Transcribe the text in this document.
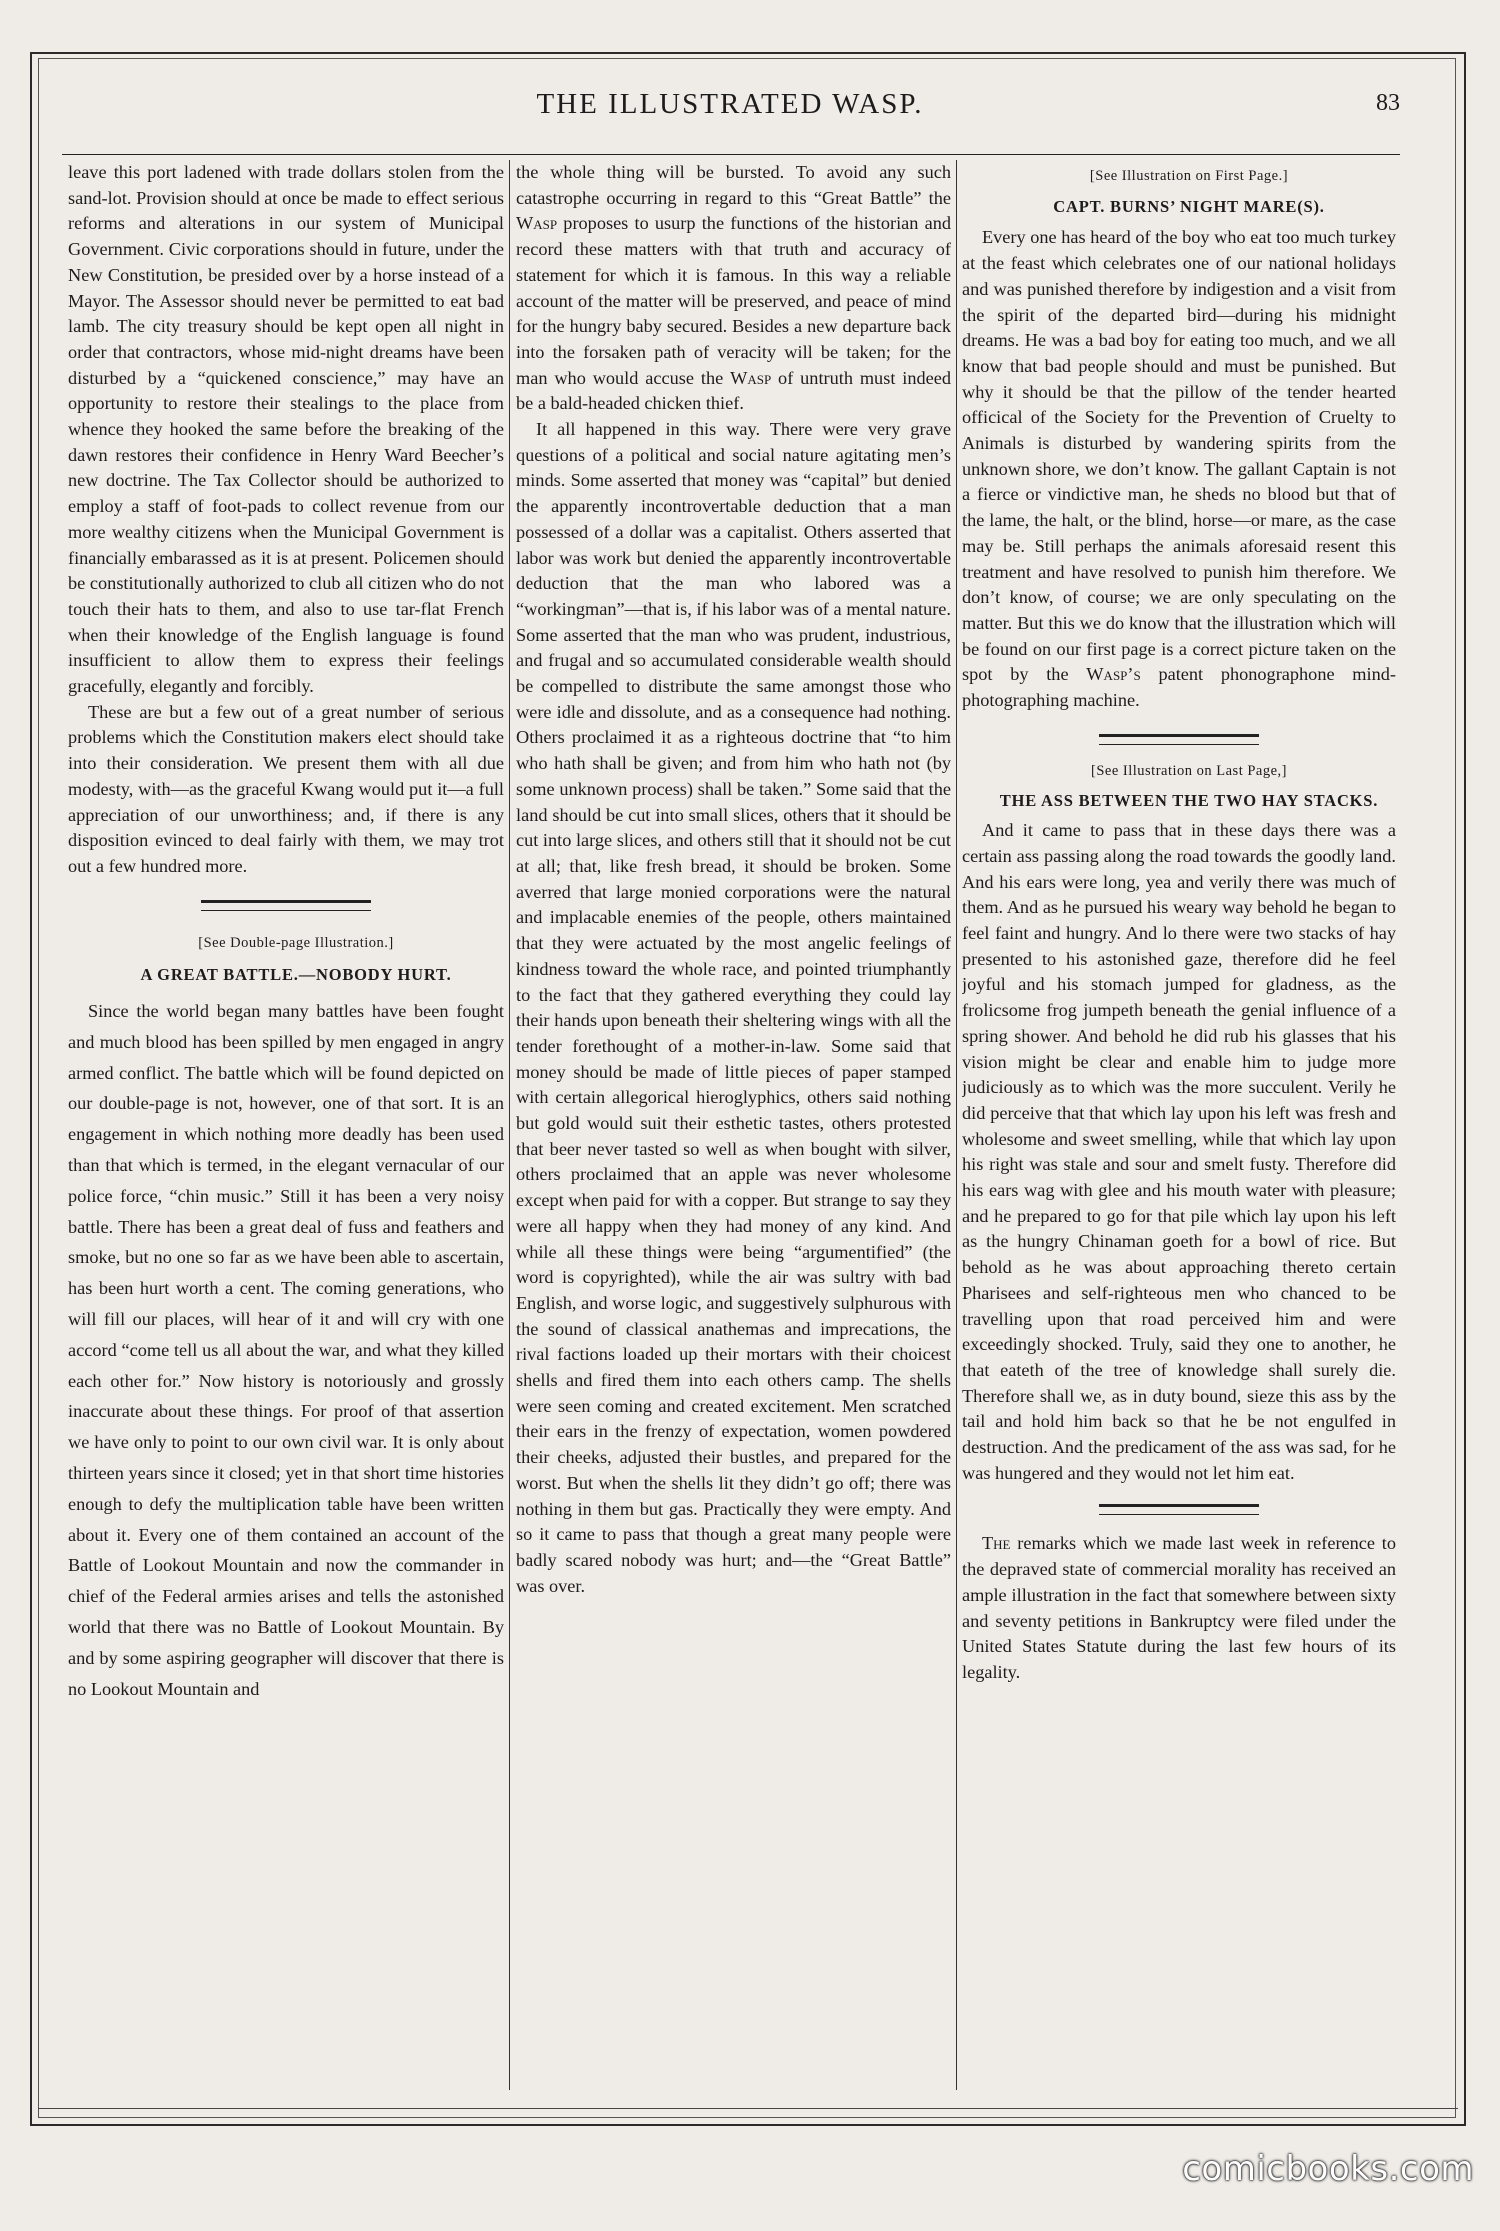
THE ILLUSTRATED WASP.	83

leave this port ladened with trade dollars stolen from the sand-lot. Provision should at once be made to effect serious reforms and alterations in our system of Municipal Government. Civic corporations should in future, under the New Constitution, be presided over by a horse instead of a Mayor. The Assessor should never be permitted to eat bad lamb. The city treasury should be kept open all night in order that contractors, whose mid-night dreams have been disturbed by a “quickened conscience,” may have an opportunity to restore their stealings to the place from whence they hooked the same before the breaking of the dawn restores their confidence in Henry Ward Beecher’s new doctrine. The Tax Collector should be authorized to employ a staff of foot-pads to collect revenue from our more wealthy citizens when the Municipal Government is financially embarassed as it is at present. Policemen should be constitutionally authorized to club all citizen who do not touch their hats to them, and also to use tar-flat French when their knowledge of the English language is found insufficient to allow them to express their feelings gracefully, elegantly and forcibly.

These are but a few out of a great number of serious problems which the Constitution makers elect should take into their consideration. We present them with all due modesty, with—as the graceful Kwang would put it—a full appreciation of our unworthiness; and, if there is any disposition evinced to deal fairly with them, we may trot out a few hundred more.

[See Double-page Illustration.]

A GREAT BATTLE.—NOBODY HURT.

Since the world began many battles have been fought and much blood has been spilled by men engaged in angry armed conflict. The battle which will be found depicted on our double-page is not, however, one of that sort. It is an engagement in which nothing more deadly has been used than that which is termed, in the elegant vernacular of our police force, “chin music.” Still it has been a very noisy battle. There has been a great deal of fuss and feathers and smoke, but no one so far as we have been able to ascertain, has been hurt worth a cent. The coming generations, who will fill our places, will hear of it and will cry with one accord “come tell us all about the war, and what they killed each other for.” Now history is notoriously and grossly inaccurate about these things. For proof of that assertion we have only to point to our own civil war. It is only about thirteen years since it closed; yet in that short time histories enough to defy the multiplication table have been written about it. Every one of them contained an account of the Battle of Lookout Mountain and now the commander in chief of the Federal armies arises and tells the astonished world that there was no Battle of Lookout Mountain. By and by some aspiring geographer will discover that there is no Lookout Mountain and

the whole thing will be bursted. To avoid any such catastrophe occurring in regard to this “Great Battle” the Wasp proposes to usurp the functions of the historian and record these matters with that truth and accuracy of statement for which it is famous. In this way a reliable account of the matter will be preserved, and peace of mind for the hungry baby secured. Besides a new departure back into the forsaken path of veracity will be taken; for the man who would accuse the Wasp of untruth must indeed be a bald-headed chicken thief.

It all happened in this way. There were very grave questions of a political and social nature agitating men’s minds. Some asserted that money was “capital” but denied the apparently incontrovertable deduction that a man possessed of a dollar was a capitalist. Others asserted that labor was work but denied the apparently incontrovertable deduction that the man who labored was a “workingman”—that is, if his labor was of a mental nature. Some asserted that the man who was prudent, industrious, and frugal and so accumulated considerable wealth should be compelled to distribute the same amongst those who were idle and dissolute, and as a consequence had nothing. Others proclaimed it as a righteous doctrine that “to him who hath shall be given; and from him who hath not (by some unknown process) shall be taken.” Some said that the land should be cut into small slices, others that it should be cut into large slices, and others still that it should not be cut at all; that, like fresh bread, it should be broken. Some averred that large monied corporations were the natural and implacable enemies of the people, others maintained that they were actuated by the most angelic feelings of kindness toward the whole race, and pointed triumphantly to the fact that they gathered everything they could lay their hands upon beneath their sheltering wings with all the tender forethought of a mother-in-law. Some said that money should be made of little pieces of paper stamped with certain allegorical hieroglyphics, others said nothing but gold would suit their esthetic tastes, others protested that beer never tasted so well as when bought with silver, others proclaimed that an apple was never wholesome except when paid for with a copper. But strange to say they were all happy when they had money of any kind. And while all these things were being “argumentified” (the word is copyrighted), while the air was sultry with bad English, and worse logic, and suggestively sulphurous with the sound of classical anathemas and imprecations, the rival factions loaded up their mortars with their choicest shells and fired them into each others camp. The shells were seen coming and created excitement. Men scratched their ears in the frenzy of expectation, women powdered their cheeks, adjusted their bustles, and prepared for the worst. But when the shells lit they didn’t go off; there was nothing in them but gas. Practically they were empty. And so it came to pass that though a great many people were badly scared nobody was hurt; and—the “Great Battle” was over.

[See Illustration on First Page.]

CAPT. BURNS’ NIGHT MARE(S).

Every one has heard of the boy who eat too much turkey at the feast which celebrates one of our national holidays and was punished therefore by indigestion and a visit from the spirit of the departed bird—during his midnight dreams. He was a bad boy for eating too much, and we all know that bad people should and must be punished. But why it should be that the pillow of the tender hearted officical of the Society for the Prevention of Cruelty to Animals is disturbed by wandering spirits from the unknown shore, we don’t know. The gallant Captain is not a fierce or vindictive man, he sheds no blood but that of the lame, the halt, or the blind, horse—or mare, as the case may be. Still perhaps the animals aforesaid resent this treatment and have resolved to punish him therefore. We don’t know, of course; we are only speculating on the matter. But this we do know that the illustration which will be found on our first page is a correct picture taken on the spot by the Wasp’s patent phonographone mind-photographing machine.

[See Illustration on Last Page,]

THE ASS BETWEEN THE TWO HAY STACKS.

And it came to pass that in these days there was a certain ass passing along the road towards the goodly land. And his ears were long, yea and verily there was much of them. And as he pursued his weary way behold he began to feel faint and hungry. And lo there were two stacks of hay presented to his astonished gaze, therefore did he feel joyful and his stomach jumped for gladness, as the frolicsome frog jumpeth beneath the genial influence of a spring shower. And behold he did rub his glasses that his vision might be clear and enable him to judge more judiciously as to which was the more succulent. Verily he did perceive that that which lay upon his left was fresh and wholesome and sweet smelling, while that which lay upon his right was stale and sour and smelt fusty. Therefore did his ears wag with glee and his mouth water with pleasure; and he prepared to go for that pile which lay upon his left as the hungry Chinaman goeth for a bowl of rice. But behold as he was about approaching thereto certain Pharisees and self-righteous men who chanced to be travelling upon that road perceived him and were exceedingly shocked. Truly, said they one to another, he that eateth of the tree of knowledge shall surely die. Therefore shall we, as in duty bound, sieze this ass by the tail and hold him back so that he be not engulfed in destruction. And the predicament of the ass was sad, for he was hungered and they would not let him eat.

The remarks which we made last week in reference to the depraved state of commercial morality has received an ample illustration in the fact that somewhere between sixty and seventy petitions in Bankruptcy were filed under the United States Statute during the last few hours of its legality.

comicbooks.com
